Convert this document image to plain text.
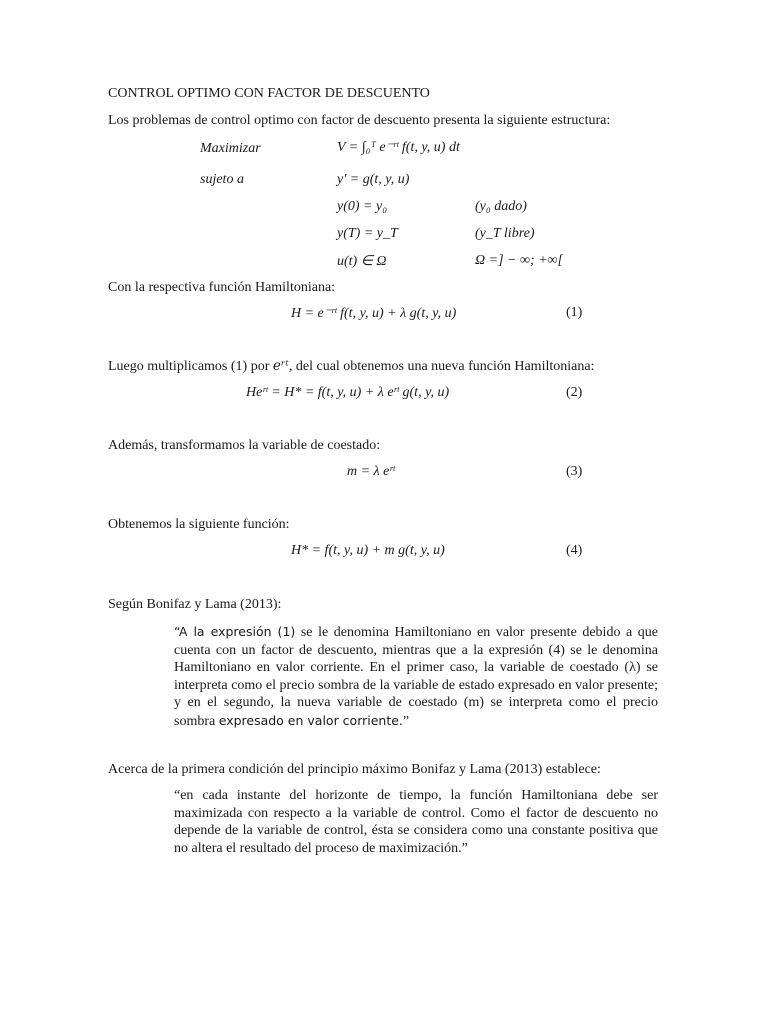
CONTROL OPTIMO CON FACTOR DE DESCUENTO
Los problemas de control optimo con factor de descuento presenta la siguiente estructura:
Maximizar	V = ∫₀ᵀ e⁻ʳᵗ f(t, y, u) dt
sujeto a	y′ = g(t, y, u)
y(0) = y₀	(y₀ dado)
y(T) = y_T	(y_T libre)
u(t) ∈ Ω	Ω =] − ∞; +∞[
Con la respectiva función Hamiltoniana:
H = e⁻ʳᵗ f(t, y, u) + λ g(t, y, u)	(1)
Luego multiplicamos (1) por eʳᵗ, del cual obtenemos una nueva función Hamiltoniana:
Heʳᵗ = H* = f(t, y, u) + λ eʳᵗ g(t, y, u)	(2)
Además, transformamos la variable de coestado:
m = λ eʳᵗ	(3)
Obtenemos la siguiente función:
H* = f(t, y, u) + m g(t, y, u)	(4)
Según Bonifaz y Lama (2013):

“A la expresión (1) se le denomina Hamiltoniano en valor presente debido a que cuenta con un factor de descuento, mientras que a la expresión (4) se le denomina Hamiltoniano en valor corriente. En el primer caso, la variable de coestado (λ) se interpreta como el precio sombra de la variable de estado expresado en valor presente; y en el segundo, la nueva variable de coestado (m) se interpreta como el precio sombra expresado en valor corriente.”

Acerca de la primera condición del principio máximo Bonifaz y Lama (2013) establece:

“en cada instante del horizonte de tiempo, la función Hamiltoniana debe ser maximizada con respecto a la variable de control. Como el factor de descuento no depende de la variable de control, ésta se considera como una constante positiva que no altera el resultado del proceso de maximización.”
